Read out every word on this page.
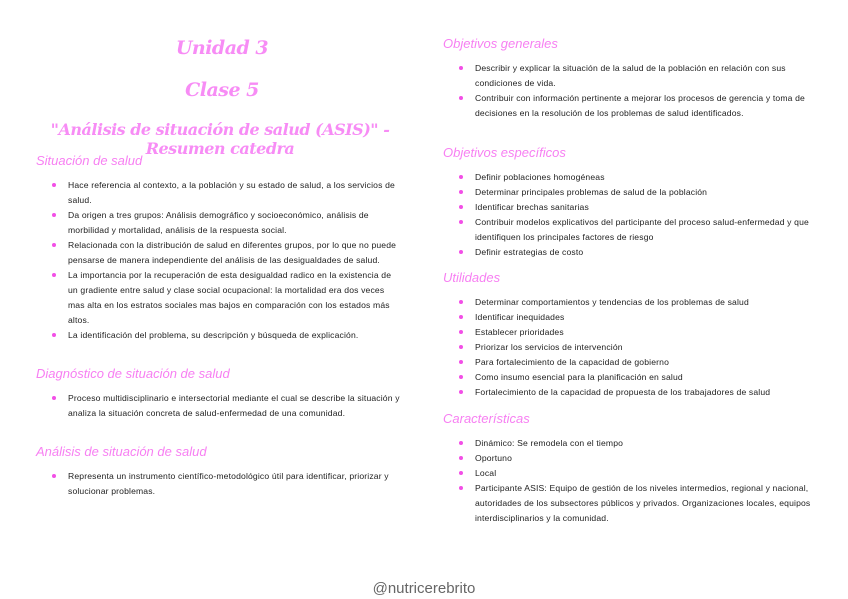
Unidad 3
Clase 5
"Análisis de situación de salud (ASIS)" - Resumen catedra
Situación de salud
Hace referencia al contexto, a la población y su estado de salud, a los servicios de salud.
Da origen a tres grupos: Análisis demográfico y socioeconómico, análisis de morbilidad y mortalidad, análisis de la respuesta social.
Relacionada con la distribución de salud en diferentes grupos, por lo que no puede pensarse de manera independiente del análisis de las desigualdades de salud.
La importancia por la recuperación de esta desigualdad radico en la existencia de un gradiente entre salud y clase social ocupacional: la mortalidad era dos veces mas alta en los estratos sociales mas bajos en comparación con los estados más altos.
La identificación del problema, su descripción y búsqueda de explicación.
Diagnóstico de situación de salud
Proceso multidisciplinario e intersectorial mediante el cual se describe la situación y analiza la situación concreta de salud-enfermedad de una comunidad.
Análisis de situación de salud
Representa un instrumento científico-metodológico útil para identificar, priorizar y solucionar problemas.
Objetivos generales
Describir y explicar la situación de la salud de la población en relación con sus condiciones de vida.
Contribuir con información pertinente a mejorar los procesos de gerencia y toma de decisiones en la resolución de los problemas de salud identificados.
Objetivos específicos
Definir poblaciones homogéneas
Determinar principales problemas de salud de la población
Identificar brechas sanitarias
Contribuir modelos explicativos del participante del proceso salud-enfermedad y que identifiquen los principales factores de riesgo
Definir estrategias de costo
Utilidades
Determinar comportamientos y tendencias de los problemas de salud
Identificar inequidades
Establecer prioridades
Priorizar los servicios de intervención
Para fortalecimiento de la capacidad de gobierno
Como insumo esencial para la planificación en salud
Fortalecimiento de la capacidad de propuesta de los trabajadores de salud
Características
Dinámico: Se remodela con el tiempo
Oportuno
Local
Participante ASIS: Equipo de gestión de los niveles intermedios, regional y nacional, autoridades de los subsectores públicos y privados. Organizaciones locales, equipos interdisciplinarios y la comunidad.
@nutricerebrito
